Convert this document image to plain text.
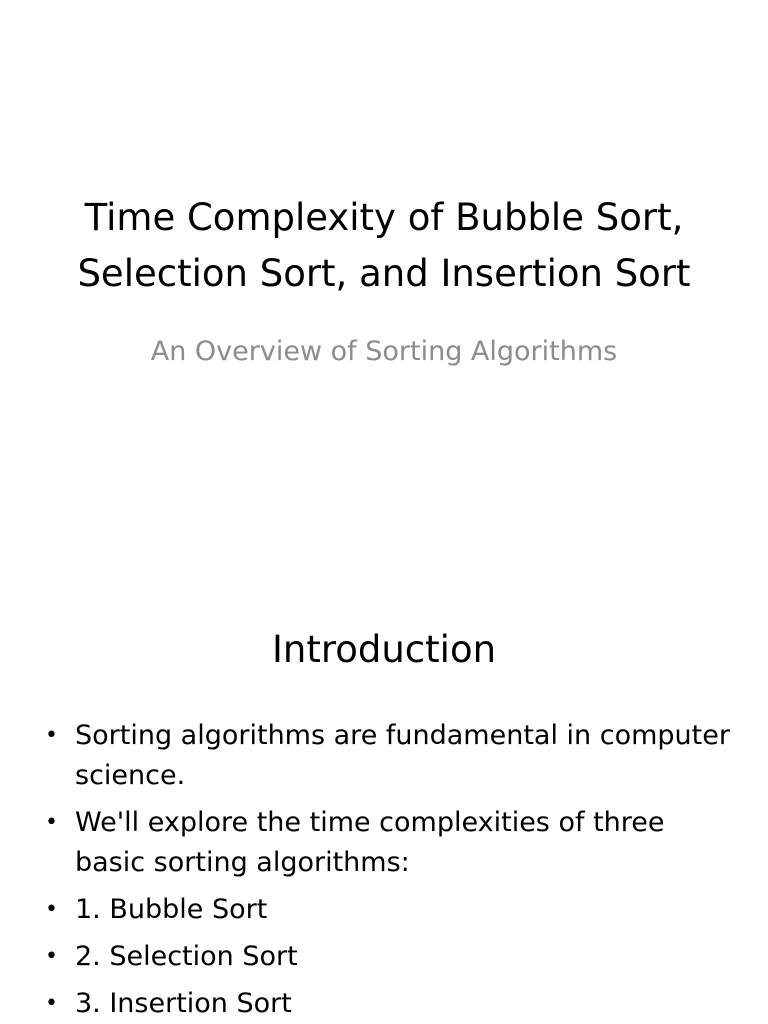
Time Complexity of Bubble Sort,
Selection Sort, and Insertion Sort

An Overview of Sorting Algorithms

Introduction
• Sorting algorithms are fundamental in computer science.
• We'll explore the time complexities of three basic sorting algorithms:
• 1. Bubble Sort
• 2. Selection Sort
• 3. Insertion Sort
